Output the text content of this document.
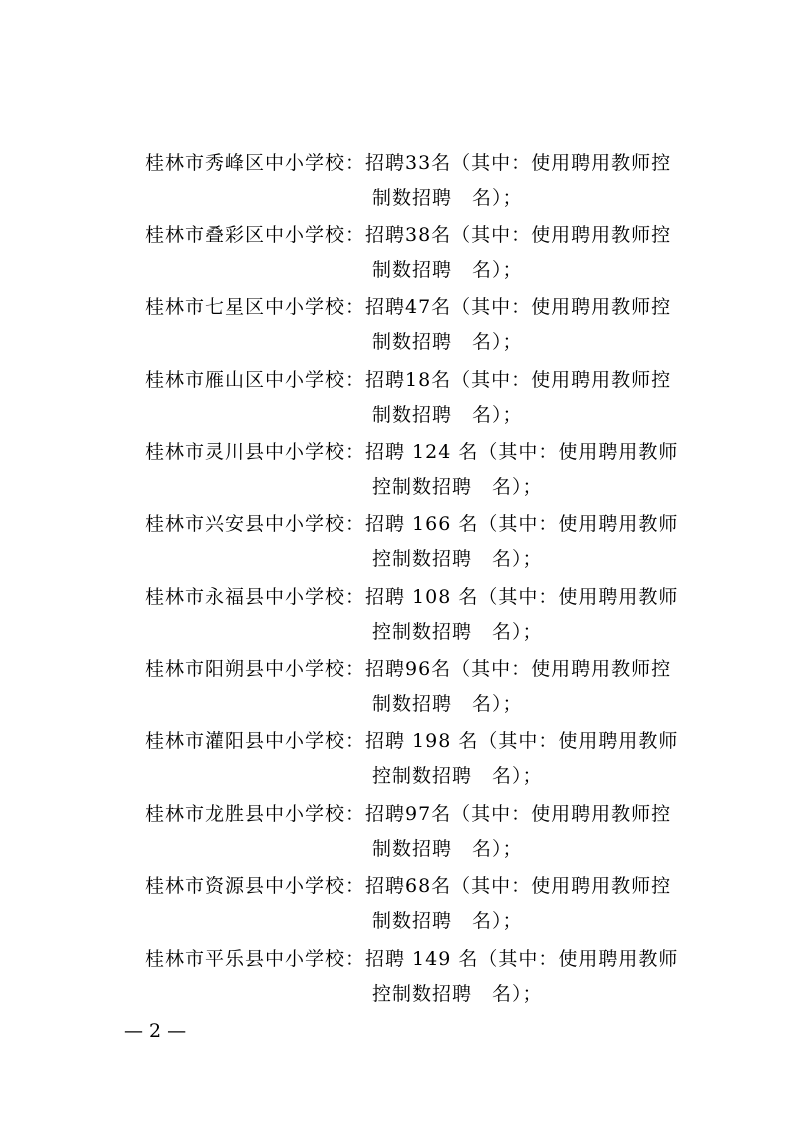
桂林市秀峰区中小学校：招聘33名（其中：使用聘用教师控
制数招聘　名）；
桂林市叠彩区中小学校：招聘38名（其中：使用聘用教师控
制数招聘　名）；
桂林市七星区中小学校：招聘47名（其中：使用聘用教师控
制数招聘　名）；
桂林市雁山区中小学校：招聘18名（其中：使用聘用教师控
制数招聘　名）；
桂林市灵川县中小学校：招聘 124 名（其中：使用聘用教师
控制数招聘　名）；
桂林市兴安县中小学校：招聘 166 名（其中：使用聘用教师
控制数招聘　名）；
桂林市永福县中小学校：招聘 108 名（其中：使用聘用教师
控制数招聘　名）；
桂林市阳朔县中小学校：招聘96名（其中：使用聘用教师控
制数招聘　名）；
桂林市灌阳县中小学校：招聘 198 名（其中：使用聘用教师
控制数招聘　名）；
桂林市龙胜县中小学校：招聘97名（其中：使用聘用教师控
制数招聘　名）；
桂林市资源县中小学校：招聘68名（其中：使用聘用教师控
制数招聘　名）；
桂林市平乐县中小学校：招聘 149 名（其中：使用聘用教师
控制数招聘　名）；
— 2 —
